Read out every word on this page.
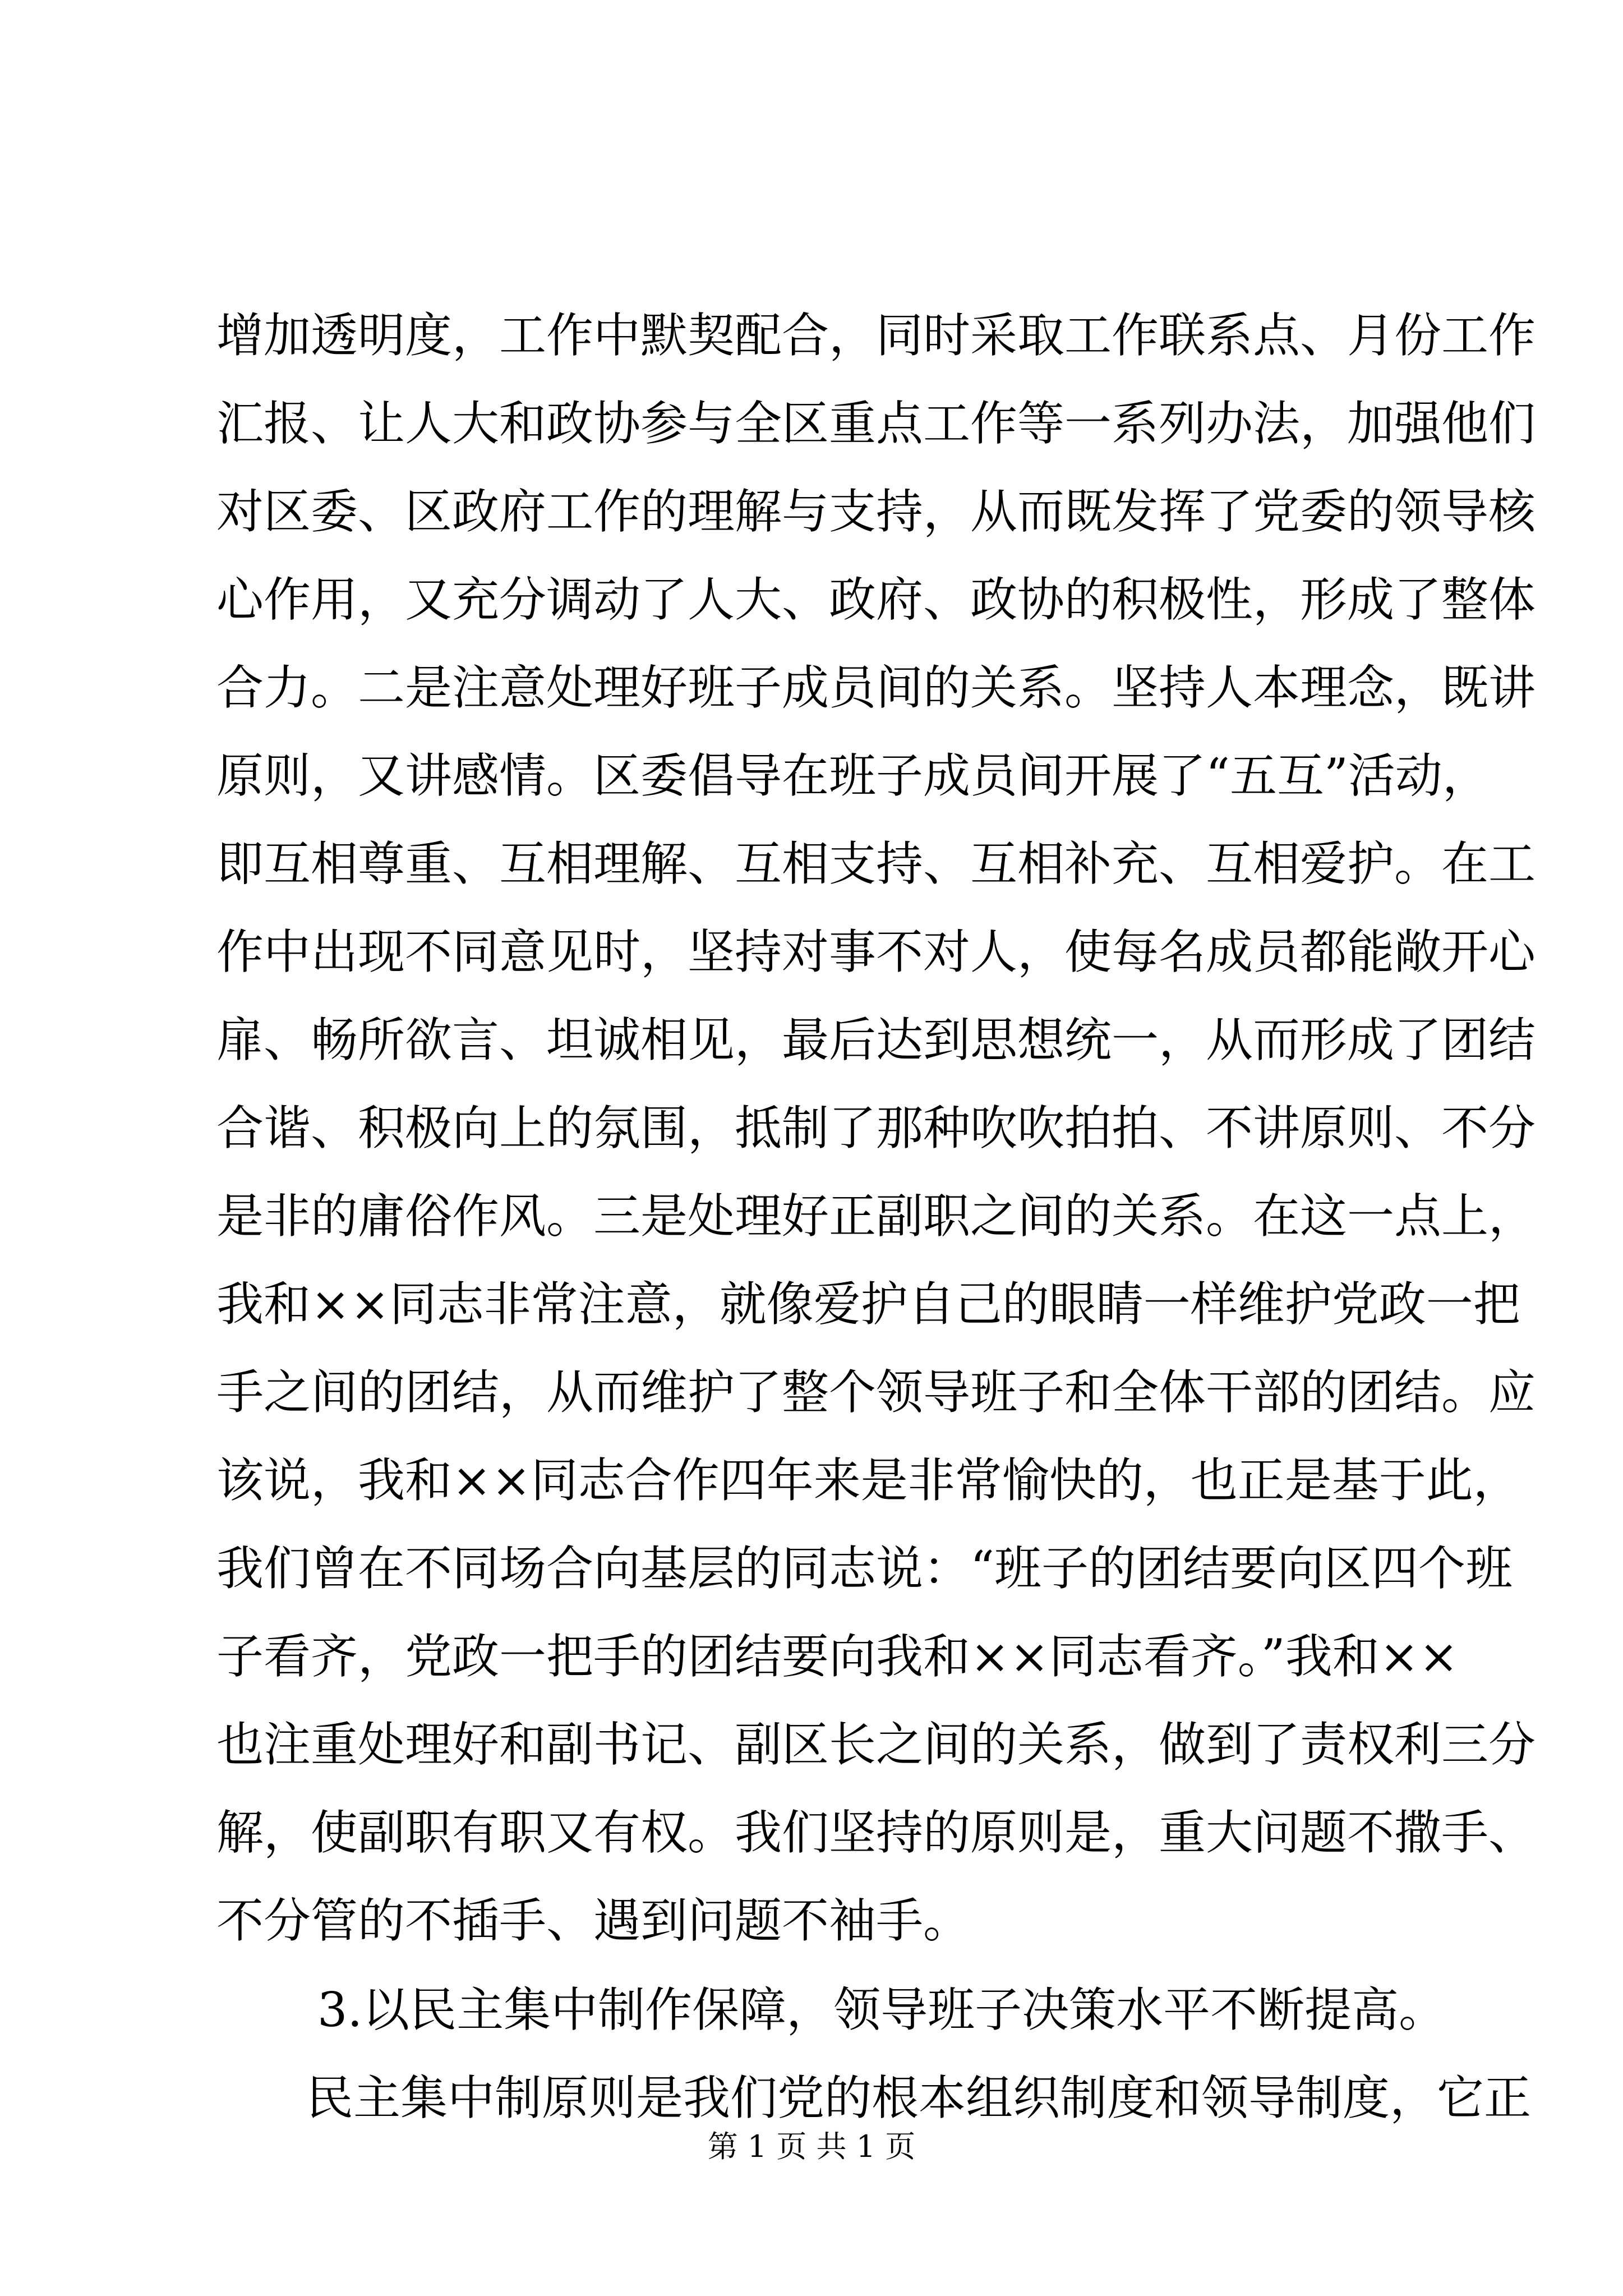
增加透明度，工作中默契配合，同时采取工作联系点、月份工作
汇报、让人大和政协参与全区重点工作等一系列办法，加强他们
对区委、区政府工作的理解与支持，从而既发挥了党委的领导核
心作用，又充分调动了人大、政府、政协的积极性，形成了整体
合力。二是注意处理好班子成员间的关系。坚持人本理念，既讲
原则，又讲感情。区委倡导在班子成员间开展了“五互”活动，
即互相尊重、互相理解、互相支持、互相补充、互相爱护。在工
作中出现不同意见时，坚持对事不对人，使每名成员都能敞开心
扉、畅所欲言、坦诚相见，最后达到思想统一，从而形成了团结
合谐、积极向上的氛围，抵制了那种吹吹拍拍、不讲原则、不分
是非的庸俗作风。三是处理好正副职之间的关系。在这一点上，
我和××同志非常注意，就像爱护自己的眼睛一样维护党政一把
手之间的团结，从而维护了整个领导班子和全体干部的团结。应
该说，我和××同志合作四年来是非常愉快的，也正是基于此，
我们曾在不同场合向基层的同志说：“班子的团结要向区四个班
子看齐，党政一把手的团结要向我和××同志看齐。”我和××
也注重处理好和副书记、副区长之间的关系，做到了责权利三分
解，使副职有职又有权。我们坚持的原则是，重大问题不撒手、
不分管的不插手、遇到问题不袖手。
3.以民主集中制作保障，领导班子决策水平不断提高。
民主集中制原则是我们党的根本组织制度和领导制度，它正
第 1 页 共 1 页
